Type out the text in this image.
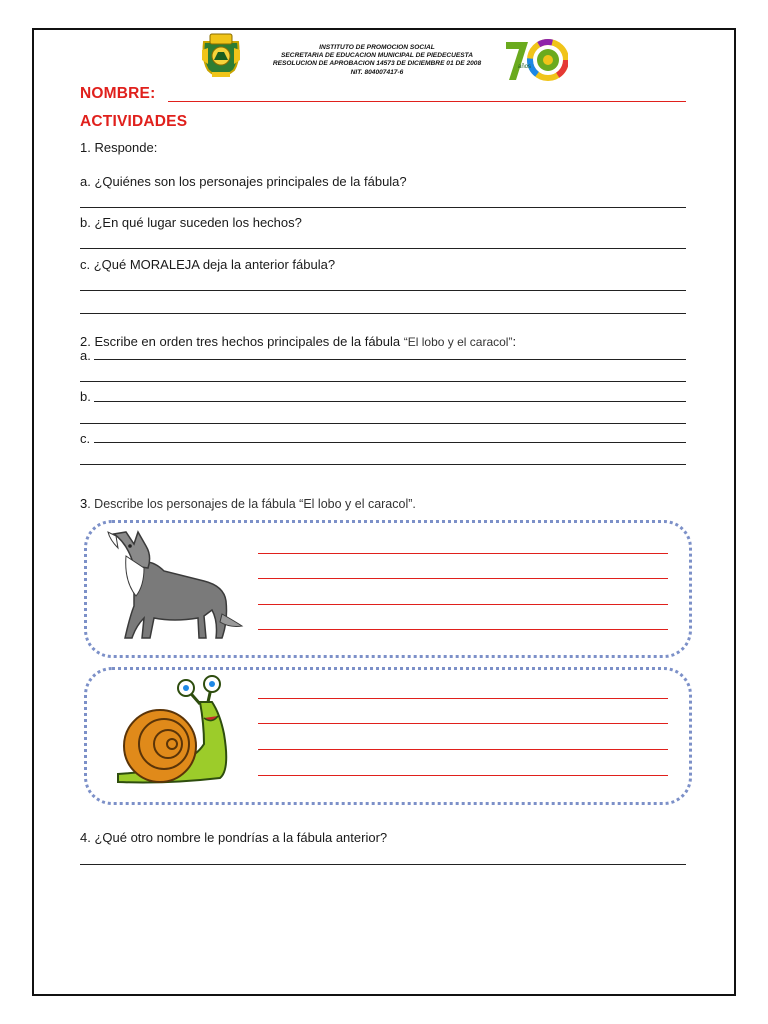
INSTITUTO DE PROMOCION SOCIAL
SECRETARIA DE EDUCACION MUNICIPAL DE PIEDECUESTA
RESOLUCION DE APROBACION 14573 DE DICIEMBRE 01 DE 2008
NIT. 804007417-6
años
NOMBRE:
ACTIVIDADES
1. Responde:
a. ¿Quiénes son los personajes principales de la fábula?
b. ¿En qué lugar suceden los hechos?
c. ¿Qué MORALEJA deja la anterior fábula?
2. Escribe en orden tres hechos principales de la fábula “El lobo y el caracol”:
a.
b.
c.
3. Describe los personajes de la fábula “El lobo y el caracol”.
4. ¿Qué otro nombre le pondrías a la fábula anterior?
